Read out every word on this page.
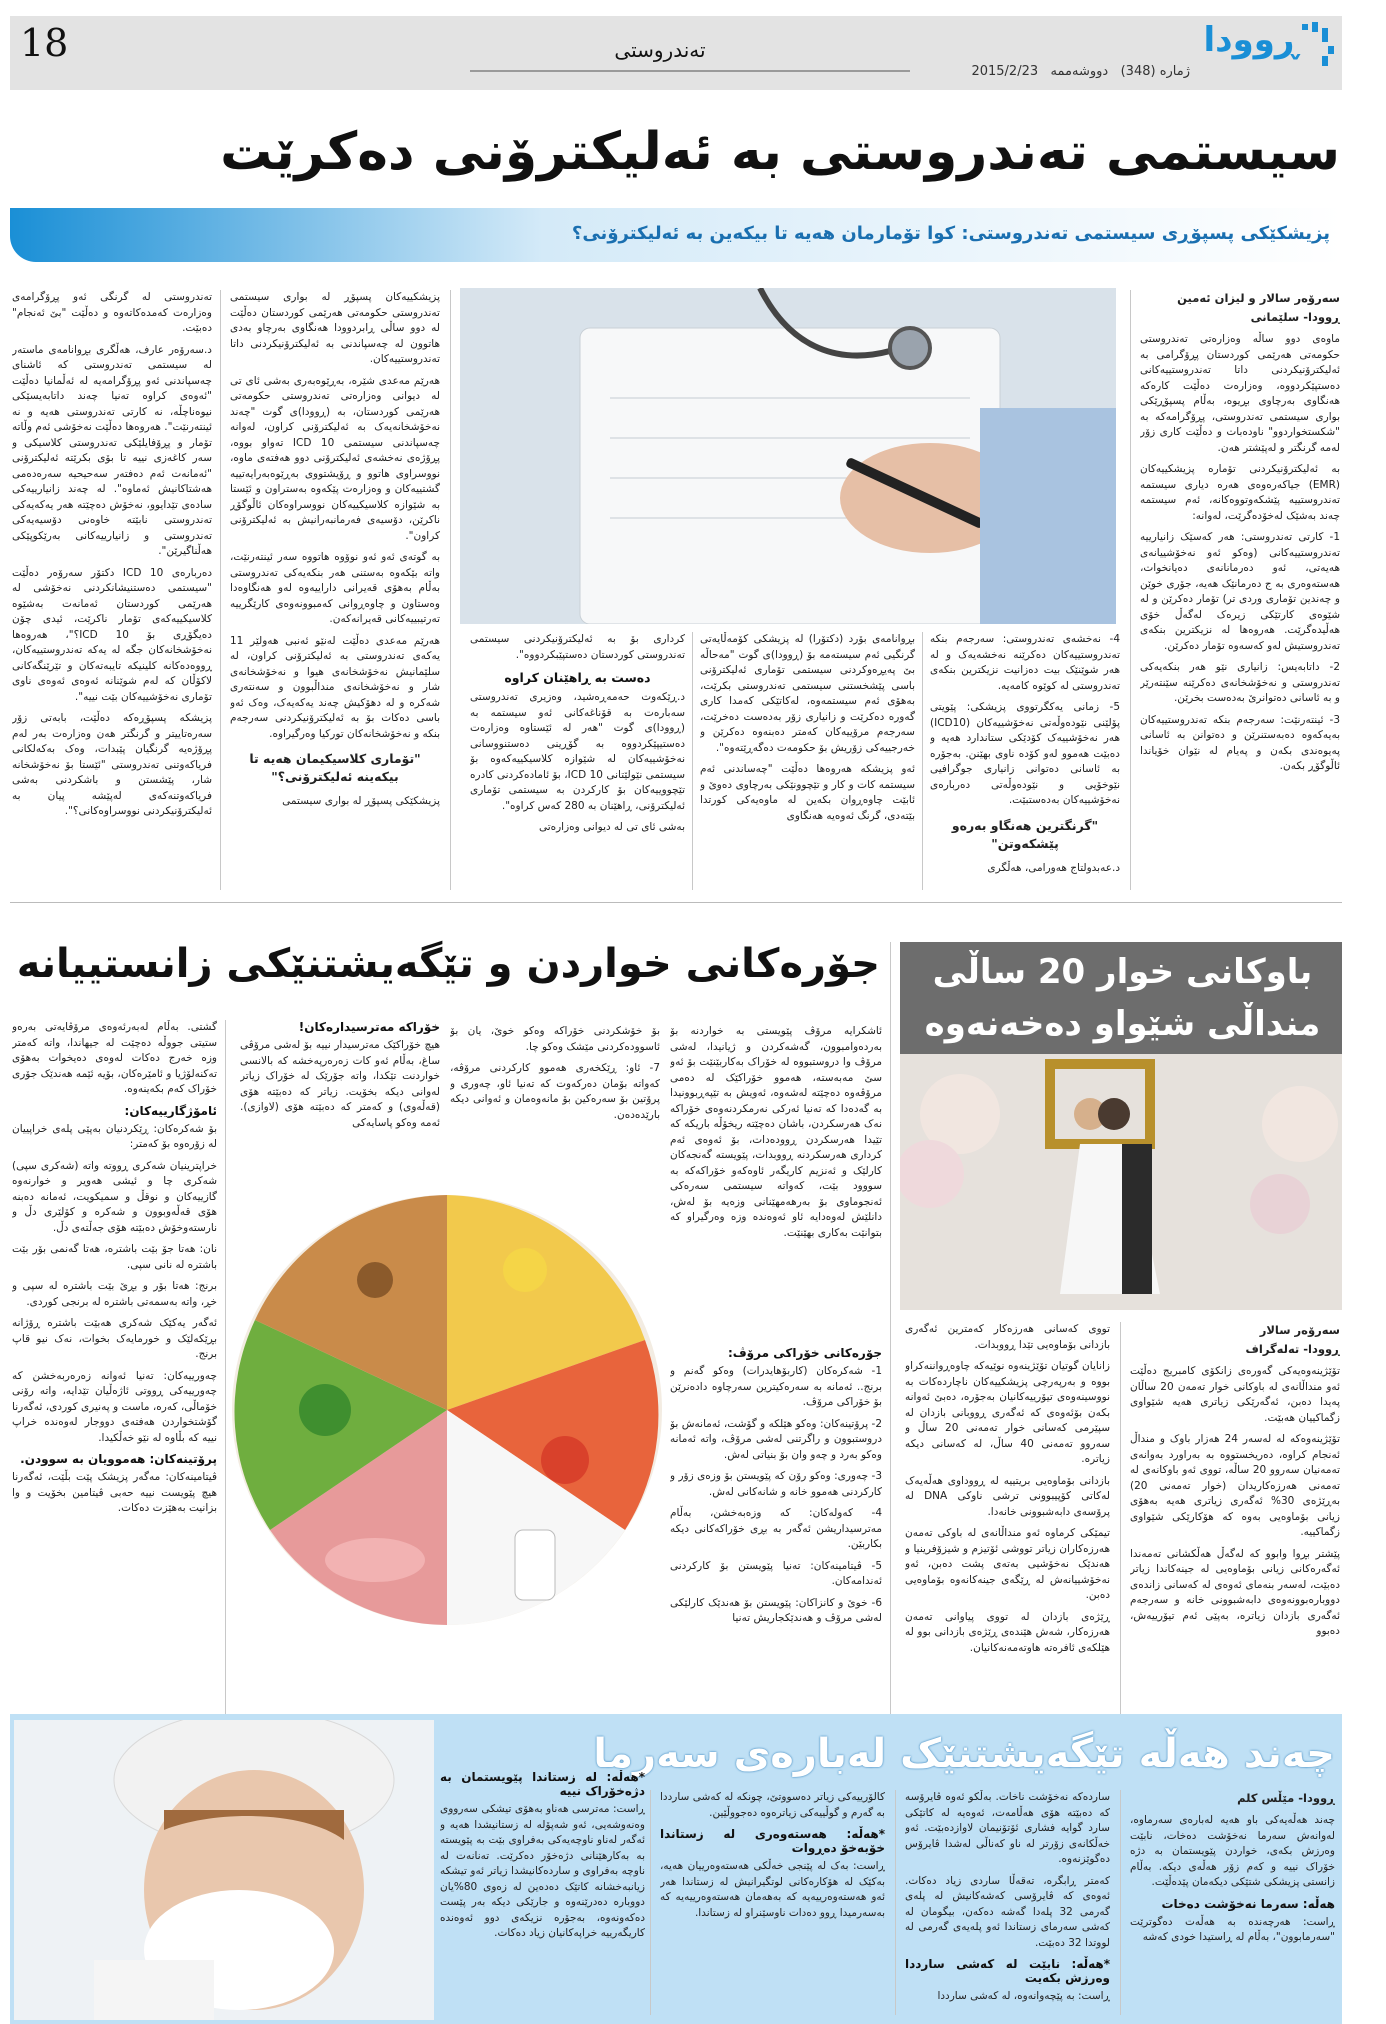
18	تەندروستی	ڕوودا
ژمارە (348)   دووشەممە   2015/2/23
سیستمی تەندروستی بە ئەلیکترۆنی دەکرێت
پزیشکێکی پسپۆڕی سیستمی تەندروستی: کوا تۆمارمان هەیە تا بیکەین بە ئەلیکترۆنی؟
سەرۆەر سالار و لیزان ئەمین
ڕوودا- سلێمانی

ماوەی دوو ساڵە وەزارەتی تەندروستی حکومەتی هەرێمی کوردستان پڕۆگرامی بە ئەلیکترۆنیکردنی داتا تەندروستییەکانی دەستپێکردووە، وەزارەت دەڵێت کارەکە هەنگاوی بەرچاوی بڕیوە، بەڵام پسپۆڕێکی بواری سیستمی تەندروستی، پڕۆگرامەکە بە "شکستخواردوو" ناودەبات و دەڵێت کاری زۆر لەمە گرنگتر و لەپێشتر هەن.

بە ئەلیکترۆنیکردنی تۆمارە پزیشکییەکان (EMR) جیاکەرەوەی هەرە دیاری سیستمە تەندروستییە پێشکەوتووەکانە، ئەم سیستمە چەند بەشێک لەخۆدەگرێت، لەوانە:

1- کارتی تەندروستی: هەر کەسێک زانیارییە تەندروستییەکانی (وەکو ئەو نەخۆشییانەی هەیەتی، ئەو دەرمانانەی دەیانخوات، هەستەوەری بە ج دەرمانێک هەیە، جۆری خوێن و چەندین تۆماری وردی تر) تۆمار دەکرێن و لە شێوەی کارتێکی زیرەک لەگەڵ خۆی هەڵیدەگرێت. هەروەها لە نزیکترین بنکەی تەندروستیش لەو کەسەوە تۆمار دەکرێن.

2- داتابەیس: زانیاری نێو هەر بنکەیەکی تەندروستی و نەخۆشخانەی دەکرێنە سێنتەرێر و بە ئاسانی دەتوانرێ بەدەست بخرێن.

3- ئینتەرنێت: سەرجەم بنکە تەندروستییەکان بەیەکەوە دەبەستنرێن و دەتوانن بە ئاسانی پەیوەندی بکەن و پەیام لە نێوان خۆیاندا ئاڵوگۆڕ بکەن.

4- نەخشەی تەندروستی: سەرجەم بنکە تەندروستییەکان دەکرێنە نەخشەیەک و لە هەر شوێنێک بیت دەزانیت نزیکترین بنکەی تەندروستی لە کوێوە کامەیە.

5- زمانی یەکگرتووی پزیشکی: پێویتی پۆلێنی نێودەوڵەتی نەخۆشییەکان (ICD10) هەر نەخۆشییەک کۆدێکی ستاندارد هەیە و دەبێت هەموو لەو کۆدە ناوی بهێنن. بەجۆرە بە ئاسانی دەتوانی زانیاری جوگرافیی نێوخۆیی و نێودەوڵەتی دەربارەی نەخۆشییەکان بەدەستبێت.

"گرنگترین هەنگاو بەرەو پێشکەوتن"

د.عەبدولتاج هەورامی، هەڵگری

بڕوانامەی بۆرد (دکتۆرا) لە پزیشکی کۆمەڵایەتی گرنگیی ئەم سیستەمە بۆ (ڕوودا)ی گوت "مەحاڵە بێ پەیڕەوکردنی سیستمی تۆماری ئەلیکترۆنی باسی پێشخستنی سیستمی تەندروستی بکرێت، بەهۆی ئەم سیستمەوە، لەکاتێکی کەمدا کاری گەورە دەکرێت و زانیاری زۆر بەدەست دەخرێت، سەرجەم مرۆییەکان کەمتر دەبنەوە دەکرێن و خەرجییەکی زۆریش بۆ حکومەت دەگەڕێتەوە".

ئەو پزیشکە هەروەها دەڵێت "چەساندنی ئەم سیستمە کات و کار و تێچوونێکی بەرچاوی دەوێ و ئابێت چاوەڕوان بکەین لە ماوەیەکی کورتدا بێتەدی، گرنگ ئەوەیە هەنگاوی

کرداری بۆ بە ئەلیکترۆنیکردنی سیستمی تەندروستی کوردستان دەستپێبکردووە".

دەست بە ڕاهێنان کراوە

د.ڕێکەوت حەمەڕەشید، وەزیری تەندروستی سەبارەت بە قۆناغەکانی ئەو سیستمە بە (ڕوودا)ی گوت "هەر لە ئێستاوە وەزارەت دەستیپێکردووە بە گۆڕینی دەستنووسانی نەخۆشییەکان لە شێوازە کلاسیکییەکەوە بۆ سیستمی نێولێتانی ICD 10، بۆ ئامادەکردنی کادرە تێچووییەکان بۆ کارکردن بە سیستمی تۆماری ئەلیکترۆنی، ڕاهێنان بە 280 کەس کراوە".

بەشی ئای تی لە دیوانی وەزارەتی

پزیشکییەکان پسپۆڕ لە بواری سیستمی تەندروستی حکومەتی هەرێمی کوردستان دەڵێت لە دوو ساڵی ڕابردوودا هەنگاوی بەرچاو بەدی هاتوون لە چەسپاندنی بە ئەلیکترۆنیکردنی داتا تەندروستییەکان.

هەرێم مەعدی شێرە، بەڕێوەبەری بەشی ئای تی لە دیوانی وەزارەتی تەندروستی حکومەتی هەرێمی کوردستان، بە (ڕوودا)ی گوت "چەند نەخۆشخانەیەک بە ئەلیکترۆنی کراون، لەوانە چەسپاندنی سیستمی ICD 10 تەواو بووە، پڕۆژەی نەخشەی ئەلیکترۆنی دوو هەفتەی ماوە، نووسراوی هاتوو و ڕۆیشتووی بەڕێوەبەرایەتییە گشتییەکان و وەزارەت پێکەوە بەستراون و ئێستا بە شێوازە کلاسیکییەکان نووسراوەکان ئاڵوگۆڕ ناکرێن، دۆسیەی فەرمانبەرانیش بە ئەلیکترۆنی کراون".

بە گوتەی ئەو ئەو نوۆوە هاتووە سەر ئینتەرنێت، واتە بێکەوە بەستنی هەر بنکەیەکی تەندروستی بەڵام بەهۆی قەیرانی داراییەوە لەو هەنگاوەدا وەستاون و چاوەڕوانی کەمبوونەوەی کارێگرییە تەرتیبییەکانی قەیرانەکەن.

هەرێم مەعدی دەڵێت لەنێو ئەنبی هەولێر 11 یەکەی تەندروستی بە ئەلیکترۆنی کراون، لە سلێمانیش نەخۆشخانەی هیوا و نەخۆشخانەی شار و نەخۆشخانەی منداڵبوون و سەنتەری شەکرە و لە دهۆکیش چەند یەکەیەک، وەک ئەو باسی دەکات بۆ بە ئەلیکترۆنیکردنی سەرجەم بنکە و نەخۆشخانەکان تورکیا وەرگیراوە.

"تۆماری کلاسیکیمان هەیە تا بیکەینە ئەلیکترۆنی؟"

پزیشکێکی پسپۆڕ لە بواری سیستمی

تەندروستی لە گرنگی ئەو پڕۆگرامەی وەزارەت کەمدەکاتەوە و دەڵێت "بێ ئەنجام" دەبێت.

د.سەرۆەر عارف، هەڵگری بڕوانامەی ماستەر لە سیستمی تەندروستی کە ئاشنای چەسپاندنی ئەو پڕۆگرامەیە لە ئەڵمانیا دەڵێت "ئەوەی کراوە تەنیا چەند داتابەیسێکی نیوەناچڵە، نە کارتی تەندروستی هەیە و نە ئینتەرنێت". هەروەها دەڵێت نەخۆشی ئەم وڵاتە تۆمار و پڕۆفایلێکی تەندروستی کلاسیکی و سەر کاغەزی نییە تا بۆی بکرێتە ئەلیکترۆنی "ئەمانەت ئەم دەفتەر سەحیحیە سەرەدەمی هەشتاکانیش ئەماوە". لە چەند زانیارییەکی سادەی تێدایوو، نەخۆش دەچێتە هەر یەکەیەکی تەندروستی نابێتە خاوەنی دۆسیەیەکی تەندروستی و زانیارییەکانی بەرێکوپێکی هەڵناگیرێن".

دەربارەی ICD 10 دکتۆر سەرۆەر دەڵێت "سیستمی دەستنیشانکردنی نەخۆشی لە هەرێمی کوردستان ئەمانەت بەشێوە کلاسیکییەکەی تۆمار ناکرێت، ئیدی چۆن دەیگۆڕی بۆ ICD 10؟"، هەروەها نەخۆشخانەکان جگە لە یەکە تەندروستییەکان، ڕووەدەکانە کلینیکە تایبەتەکان و تێرێنگەکانی لاکۆڵان کە لەم شوێنانە ئەوەی ئەوەی ناوی تۆماری نەخۆشییەکان بێت نییە".

پزیشکە پسپۆڕەکە دەڵێت، بابەتی زۆر سەرەتاییتر و گرنگتر هەن وەزارەت بەر لەم پڕۆژەیە گرنگیان پێبدات، وەک بەکەلکانی فریاکەوتنی تەندروستی "ئێستا بۆ نەخۆشخانە شار، پێشستن و باشکردنی بەشی فریاکەوتنەکەی لەپێشە پیان بە ئەلیکترۆنیکردنی نووسراوەکانی؟".

باوکانی خوار 20 ساڵی منداڵی شێواو دەخەنەوە
سەرۆەر سالار
ڕوودا- تەلەگراف

تۆێژینەوەیەکی گەورەی زانکۆی کامبریج دەڵێت ئەو منداڵانەی لە باوکانی خوار تەمەن 20 ساڵان پەیدا دەبن، ئەگەرێکی زیاتری هەیە شێواوی زگماکییان هەبێت.

تۆێژینەوەکە لە لەسەر 24 هەزار باوک و منداڵ ئەنجام کراوە، دەریخستووە بە بەراورد بەوانەی تەمەنیان سەروو 20 ساڵە، تووی ئەو باوکانەی لە تەمەنی هەرزەکاریدان (خوار تەمەنی 20) بەڕێژەی 30% ئەگەری زیاتری هەیە بەهۆی زیانی بۆماوەیی بەوە کە هۆکارێکی شێواوی زگماکییە.

پێشتر بڕوا وابوو کە لەگەڵ هەڵکشانی تەمەندا ئەگەرەکانی زیانی بۆماوەیی لە جینەکاندا زیاتر دەبێت، لەسەر بنەمای ئەوەی لە کەسانی زاندەی دووبارەبوونەوەی دابەشبوونی خانە و سەرجەم ئەگەری بازدان زیاترە، بەپێی ئەم تیۆرییەش، دەبوو

تووی کەسانی هەرزەکار کەمترین ئەگەری بازدانی بۆماوەیی تێدا ڕووبدات.

زانایان گوتیان تۆێژینەوە نوێیەکە چاوەڕواننەکراو بووە و بەرپەرچی پزیشکییەکان ناچاردەکات بە نووسینەوەی تیۆرییەکانیان بەجۆرە، دەبێ ئەوانە بکەن بۆئەوەی کە ئەگەری ڕووبانی بازدان لە سپێرمی کەسانی خوار تەمەنی 20 ساڵ و سەروو تەمەنی 40 ساڵ، لە کەسانی دیکە زیاترە.

بازدانی بۆماوەیی بریتییە لە ڕووداوی هەڵەیەک لەکاتی کۆپیبوونی ترشی ناوکی DNA لە پرۆسەی دابەشبوونی خانەدا.

تیمێکی کرماوە ئەو منداڵانەی لە باوکی تەمەن هەرزەکاران زیاتر تووشی ئۆتیزم و شیزۆفرینیا و هەندێک نەخۆشیی بەتەی پشت دەبن، ئەو نەخۆشییانەش لە ڕێگەی جینەکانەوە بۆماوەیی دەبن.

ڕێژەی بازدان لە تووی پیاوانی تەمەن هەرزەکار، شەش هێندەی ڕێژەی بازدانی بوو لە هێلکەی ئافرەتە هاوتەمەنەکانیان.

جۆرەکانی خواردن و تێگەیشتنێکی زانستییانە

ئاشکرایە مرۆڤ پێویستی بە خواردنە بۆ بەردەوامبوون، گەشەکردن و ژیانیدا، لەشی مرۆڤ وا دروستبووە لە خۆراک بەکاربێنێت بۆ ئەو سێ مەبەستە، هەموو خۆراکێک لە دەمی مرۆڤەوە دەچێتە لەشەوە، ئەویش بە تێپەڕبوونیدا بە گەدەدا کە تەنیا ئەرکی نەرمکردنەوەی خۆراکە نەک هەرسکردن، باشان دەچێتە ریخۆڵە باریکە کە تێیدا هەرسکردن ڕوودەدات، بۆ ئەوەی ئەم کرداری هەرسکردنە ڕووبدات، پێویستە گەنجەکان کارلێک و ئەنزیم کاریگەر ئاوەکەو خۆراکەکە بە سووود بێت، کەواتە سیستمی سەرەکی ئەنجوماوی بۆ بەرهەمهێنانی وزەیە بۆ لەش، دانلێش لەوەدایە ئاو ئەوەندە وزە وەرگیراو کە بتوانێت بەکاری بهێنێت.

بۆ خۆشکردنی خۆراکە وەکو خوێ، یان بۆ ئاسوودەکردنی مێشک وەکو چا.

7- ئاو: ڕێکخەری هەموو کارکردنی مرۆڤە، کەواتە بۆمان دەرکەوت کە تەنیا ئاو، چەوری و پرۆتین بۆ سەرەکین بۆ مانەوەمان و ئەوانی دیکە بارێدەدەن.

خۆراکە مەترسیدارەکان!

هیچ خۆراکێک مەترسیدار نییە بۆ لەشی مرۆڤی ساغ، بەڵام ئەو کات زەرەرپەخشە کە بالانسی خواردنت تێکدا، واتە جۆرێک لە خۆراک زیاتر لەوانی دیکە بخۆیت. زیاتر کە دەبێتە هۆی (قەڵەوی) و کەمتر کە دەبێتە هۆی (لاوازی). ئەمە وەکو پاسایەکی

جۆرەکانی خۆراکی مرۆڤ:

1- شەکرەکان (کاربۆهایدرات) وەکو گەنم و برنج.. ئەمانە بە سەرەکیترین سەرچاوە دادەنرێن بۆ خۆراکی مرۆڤ.

2- پرۆتینەکان: وەکو هێلکە و گۆشت، ئەمانەش بۆ دروستبوون و راگرتنی لەشی مرۆڤ، واتە ئەمانە وەکو بەرد و چەو وان بۆ بنیاتی لەش.

3- چەوری: وەکو رۆن کە پێویستن بۆ وزەی زۆر و کارکردنی هەموو خانە و شانەکانی لەش.

4- کەولەکان: کە وزەبەخشن، بەڵام مەترسیداریشن ئەگەر بە بڕی خۆراکەکانی دیکە بکاربێن.

5- ڤیتامینەکان: تەنیا پێویستن بۆ کارکردنی ئەندامەکان.

6- خوێ و کانزاکان: پێویستن بۆ هەندێک کارلێکی لەشی مرۆڤ و هەندێکجاریش تەنیا

گشتی. بەڵام لەبەرئەوەی مرۆڤایەتی بەرەو ستیتی جووڵە دەچێت لە جیهاندا، واتە کەمتر وزە خەرج دەکات لەوەی دەیخوات بەهۆی تەکنەلۆژیا و ئامێرەکان، بۆیە ئێمە هەندێک جۆری خۆراک کەم بکەینەوە.

ئامۆژگارییەکان:

بۆ شەکرەکان: ڕێکردنیان بەپێی پلەی خراپییان لە زۆرەوە بۆ کەمتر:

خراپترینیان شەکری ڕووتە واتە (شەکری سپی) شەکری چا و ئیشی هەویر و خوارنەوە گازییەکان و نوقڵ و سمیکویت، ئەمانە دەبنە هۆی قەڵەوبوون و شەکرە و کۆلێری دڵ و نارستەوخۆش دەبێتە هۆی جەڵتەی دڵ.

نان: هەتا جۆ بێت باشترە، هەتا گەنمی بۆر بێت باشترە لە نانی سپی.

برنج: هەتا بۆر و بڕێ بێت باشترە لە سپی و خڕ، واتە بەسمەتی باشترە لە برنجی کوردی.

ئەگەر یەکێک شەکری هەبێت باشترە ڕۆژانە بڕێکەلێک و خورمایەک بخوات، نەک نیو قاپ برنج.

چەورییەکان: تەنیا ئەوانە زەرەربەخشن کە چەورییەکی ڕووتی ئاژەڵیان تێدایە، واتە رۆنی خۆماڵی، کەرە، ماست و پەنیری کوردی، ئەگەرنا گۆشتخواردن هەفتەی دووجار لەوەندە خراپ نییە کە بڵاوە لە نێو خەڵکیدا.

پرۆتینەکان: هەموویان بە سوودن.

ڤیتامینەکان: مەگەر پزیشک پێت بڵێت، ئەگەرنا هیچ پێویست نییە حەبی ڤیتامین بخۆیت و وا بزانیت بەهێزت دەکات.

چەند هەڵە تێگەیشتنێک لەبارەی سەرما
ڕوودا- مێڵس کلم

چەند هەڵەیەکی باو هەیە لەبارەی سەرماوە، لەوانەش سەرما نەخۆشت دەخات، نابێت وەرزش بکەی، خواردن پێویستمان بە دژە خۆراک نییە و کەم زۆر هەڵەی دیکە. بەڵام زانستی پزیشکی شتێکی دیکەمان پێدەڵێت.

هەڵە: سەرما نەخۆشت دەخات

ڕاست: هەرچەندە بە هەڵەت دەگوترێت "سەرمابوون"، بەڵام لە ڕاستیدا خودی کەشە

ساردەکە نەخۆشت ناخات. بەڵکو ئەوە ڤایرۆسە کە دەبێتە هۆی هەڵامەت، ئەوەیە لە کاتێکی سارد گوایە فشاری ئۆتۆنیمان لاوازدەبێت. ئەو خەڵکانەی زۆرتر لە ناو کەناڵی لەشدا ڤایرۆس دەگوێزنەوە.

کەمتر ڕابگرە، تەقەڵا ساردی زیاد دەکات. ئەوەی کە ڤایرۆسی کەشەکانیش لە پلەی گەرمی 32 پلەدا گەشە دەکەن، بیگومان لە کەشی سەرمای زستاندا ئەو پلەیەی گەرمی لە لووتدا 32 دەبێت.

*هەڵە: نابێت لە کەشی سارددا وەرزش بکەیت

ڕاست: بە پێچەوانەوە، لە کەشی سارددا

کالۆرییەکی زیاتر دەسووتێ، چونکە لە کەشی سارددا بە گەرم و گوڵییەکی زیاترەوە دەجووڵێین.

*هەڵە: هەستەوەری لە زستاندا خۆبەخۆ دەڕوات

ڕاست: بەک لە پێنجی خەڵکی هەستەوەرییان هەیە، بەکێک لە هۆکارەکانی لوتگیرانیش لە زستاندا هەر ئەو هەستەوەرییەیە کە بەهەمان هەستەوەرییەیە کە بەسەرمیدا ڕوو دەدات ناوسێنراو لە زستاندا.

*هەڵە: لە زستاندا پێویستمان بە دژەخۆراک نییە

ڕاست: مەترسی هەناو بەهۆی تیشکی سەرووی وەنەوشەیی، ئەو شەپۆلە لە زستانیشدا هەیە و ئەگەر لەناو ناوچەیەکی بەفراوی بێت بە پێویستە بە بەکارهێنانی دژەخۆر دەکرێت. تەنانەت لە ناوچە بەفراوی و ساردەکانیشدا زیاتر ئەو تیشکە زیانبەخشانە کاتێک دەدەین لە زەوی 80%یان دووبارە دەدرێنەوە و جارێکی دیکە بەر پێست دەکەونەوە، بەجۆرە نزیکەی دوو ئەوەندە کاریگەرییە خراپەکانیان زیاد دەکات.
